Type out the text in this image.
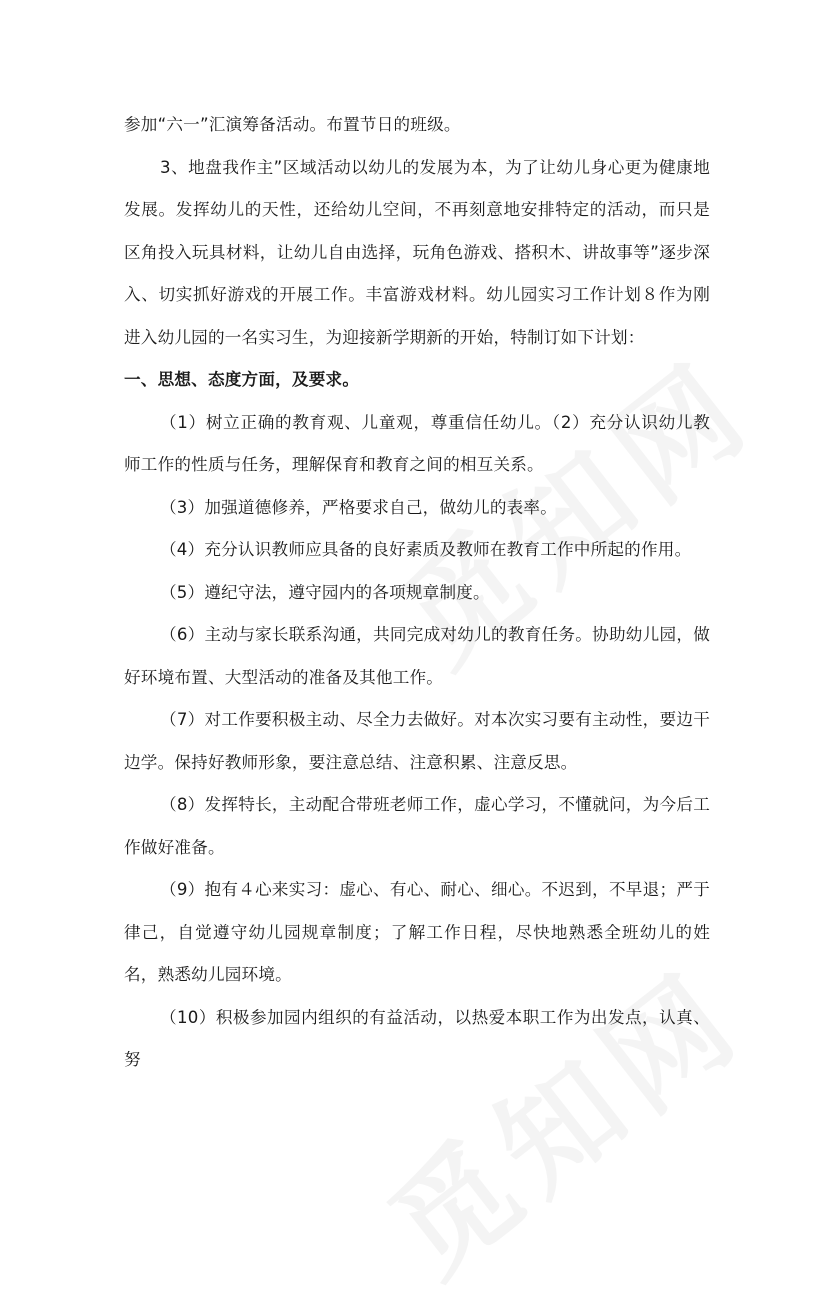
参加“六一”汇演筹备活动。布置节日的班级。

3、地盘我作主”区域活动以幼儿的发展为本，为了让幼儿身心更为健康地发展。发挥幼儿的天性，还给幼儿空间，不再刻意地安排特定的活动，而只是区角投入玩具材料，让幼儿自由选择，玩角色游戏、搭积木、讲故事等”逐步深入、切实抓好游戏的开展工作。丰富游戏材料。幼儿园实习工作计划８作为刚进入幼儿园的一名实习生，为迎接新学期新的开始，特制订如下计划：

一、思想、态度方面，及要求。

（1）树立正确的教育观、儿童观，尊重信任幼儿。（2）充分认识幼儿教师工作的性质与任务，理解保育和教育之间的相互关系。

（3）加强道德修养，严格要求自己，做幼儿的表率。

（4）充分认识教师应具备的良好素质及教师在教育工作中所起的作用。

（5）遵纪守法，遵守园内的各项规章制度。

（6）主动与家长联系沟通，共同完成对幼儿的教育任务。协助幼儿园，做好环境布置、大型活动的准备及其他工作。

（7）对工作要积极主动、尽全力去做好。对本次实习要有主动性，要边干边学。保持好教师形象，要注意总结、注意积累、注意反思。

（8）发挥特长，主动配合带班老师工作，虚心学习，不懂就问，为今后工作做好准备。

（9）抱有４心来实习：虚心、有心、耐心、细心。不迟到，不早退；严于律己，自觉遵守幼儿园规章制度；了解工作日程，尽快地熟悉全班幼儿的姓名，熟悉幼儿园环境。

（10）积极参加园内组织的有益活动，以热爱本职工作为出发点，认真、努
